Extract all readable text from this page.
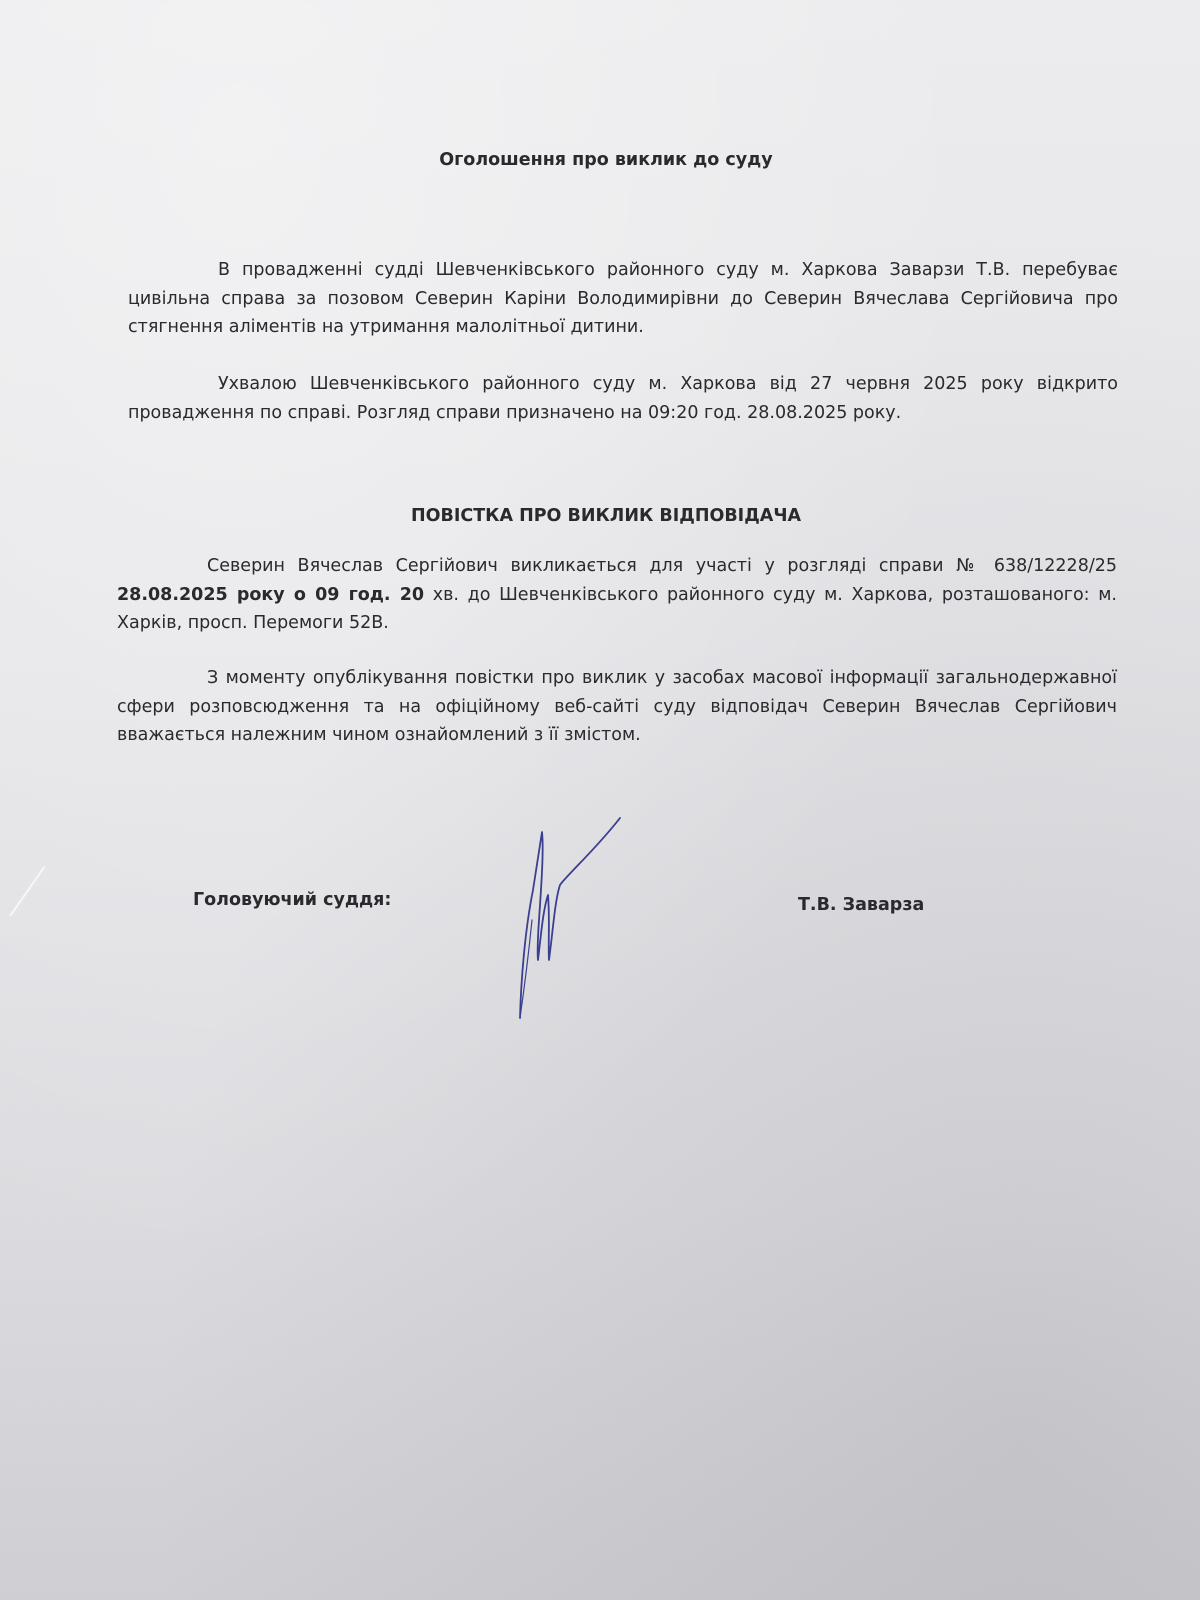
Оголошення про виклик до суду
В провадженні судді Шевченківського районного суду м. Харкова Заварзи Т.В. перебуває цивільна справа за позовом Северин Каріни Володимирівни до Северин Вячеслава Сергійовича про стягнення аліментів на утримання малолітньої дитини.
Ухвалою Шевченківського районного суду м. Харкова від 27 червня 2025 року відкрито провадження по справі. Розгляд справи призначено на 09:20 год. 28.08.2025 року.
ПОВІСТКА ПРО ВИКЛИК ВІДПОВІДАЧА
Северин Вячеслав Сергійович викликається для участі у розгляді справи № 638/12228/25 28.08.2025 року о 09 год. 20 хв. до Шевченківського районного суду м. Харкова, розташованого: м. Харків, просп. Перемоги 52В.
З моменту опублікування повістки про виклик у засобах масової інформації загальнодержавної сфери розповсюдження та на офіційному веб-сайті суду відповідач Северин Вячеслав Сергійович вважається належним чином ознайомлений з її змістом.
Головуючий суддя:	Т.В. Заварза
